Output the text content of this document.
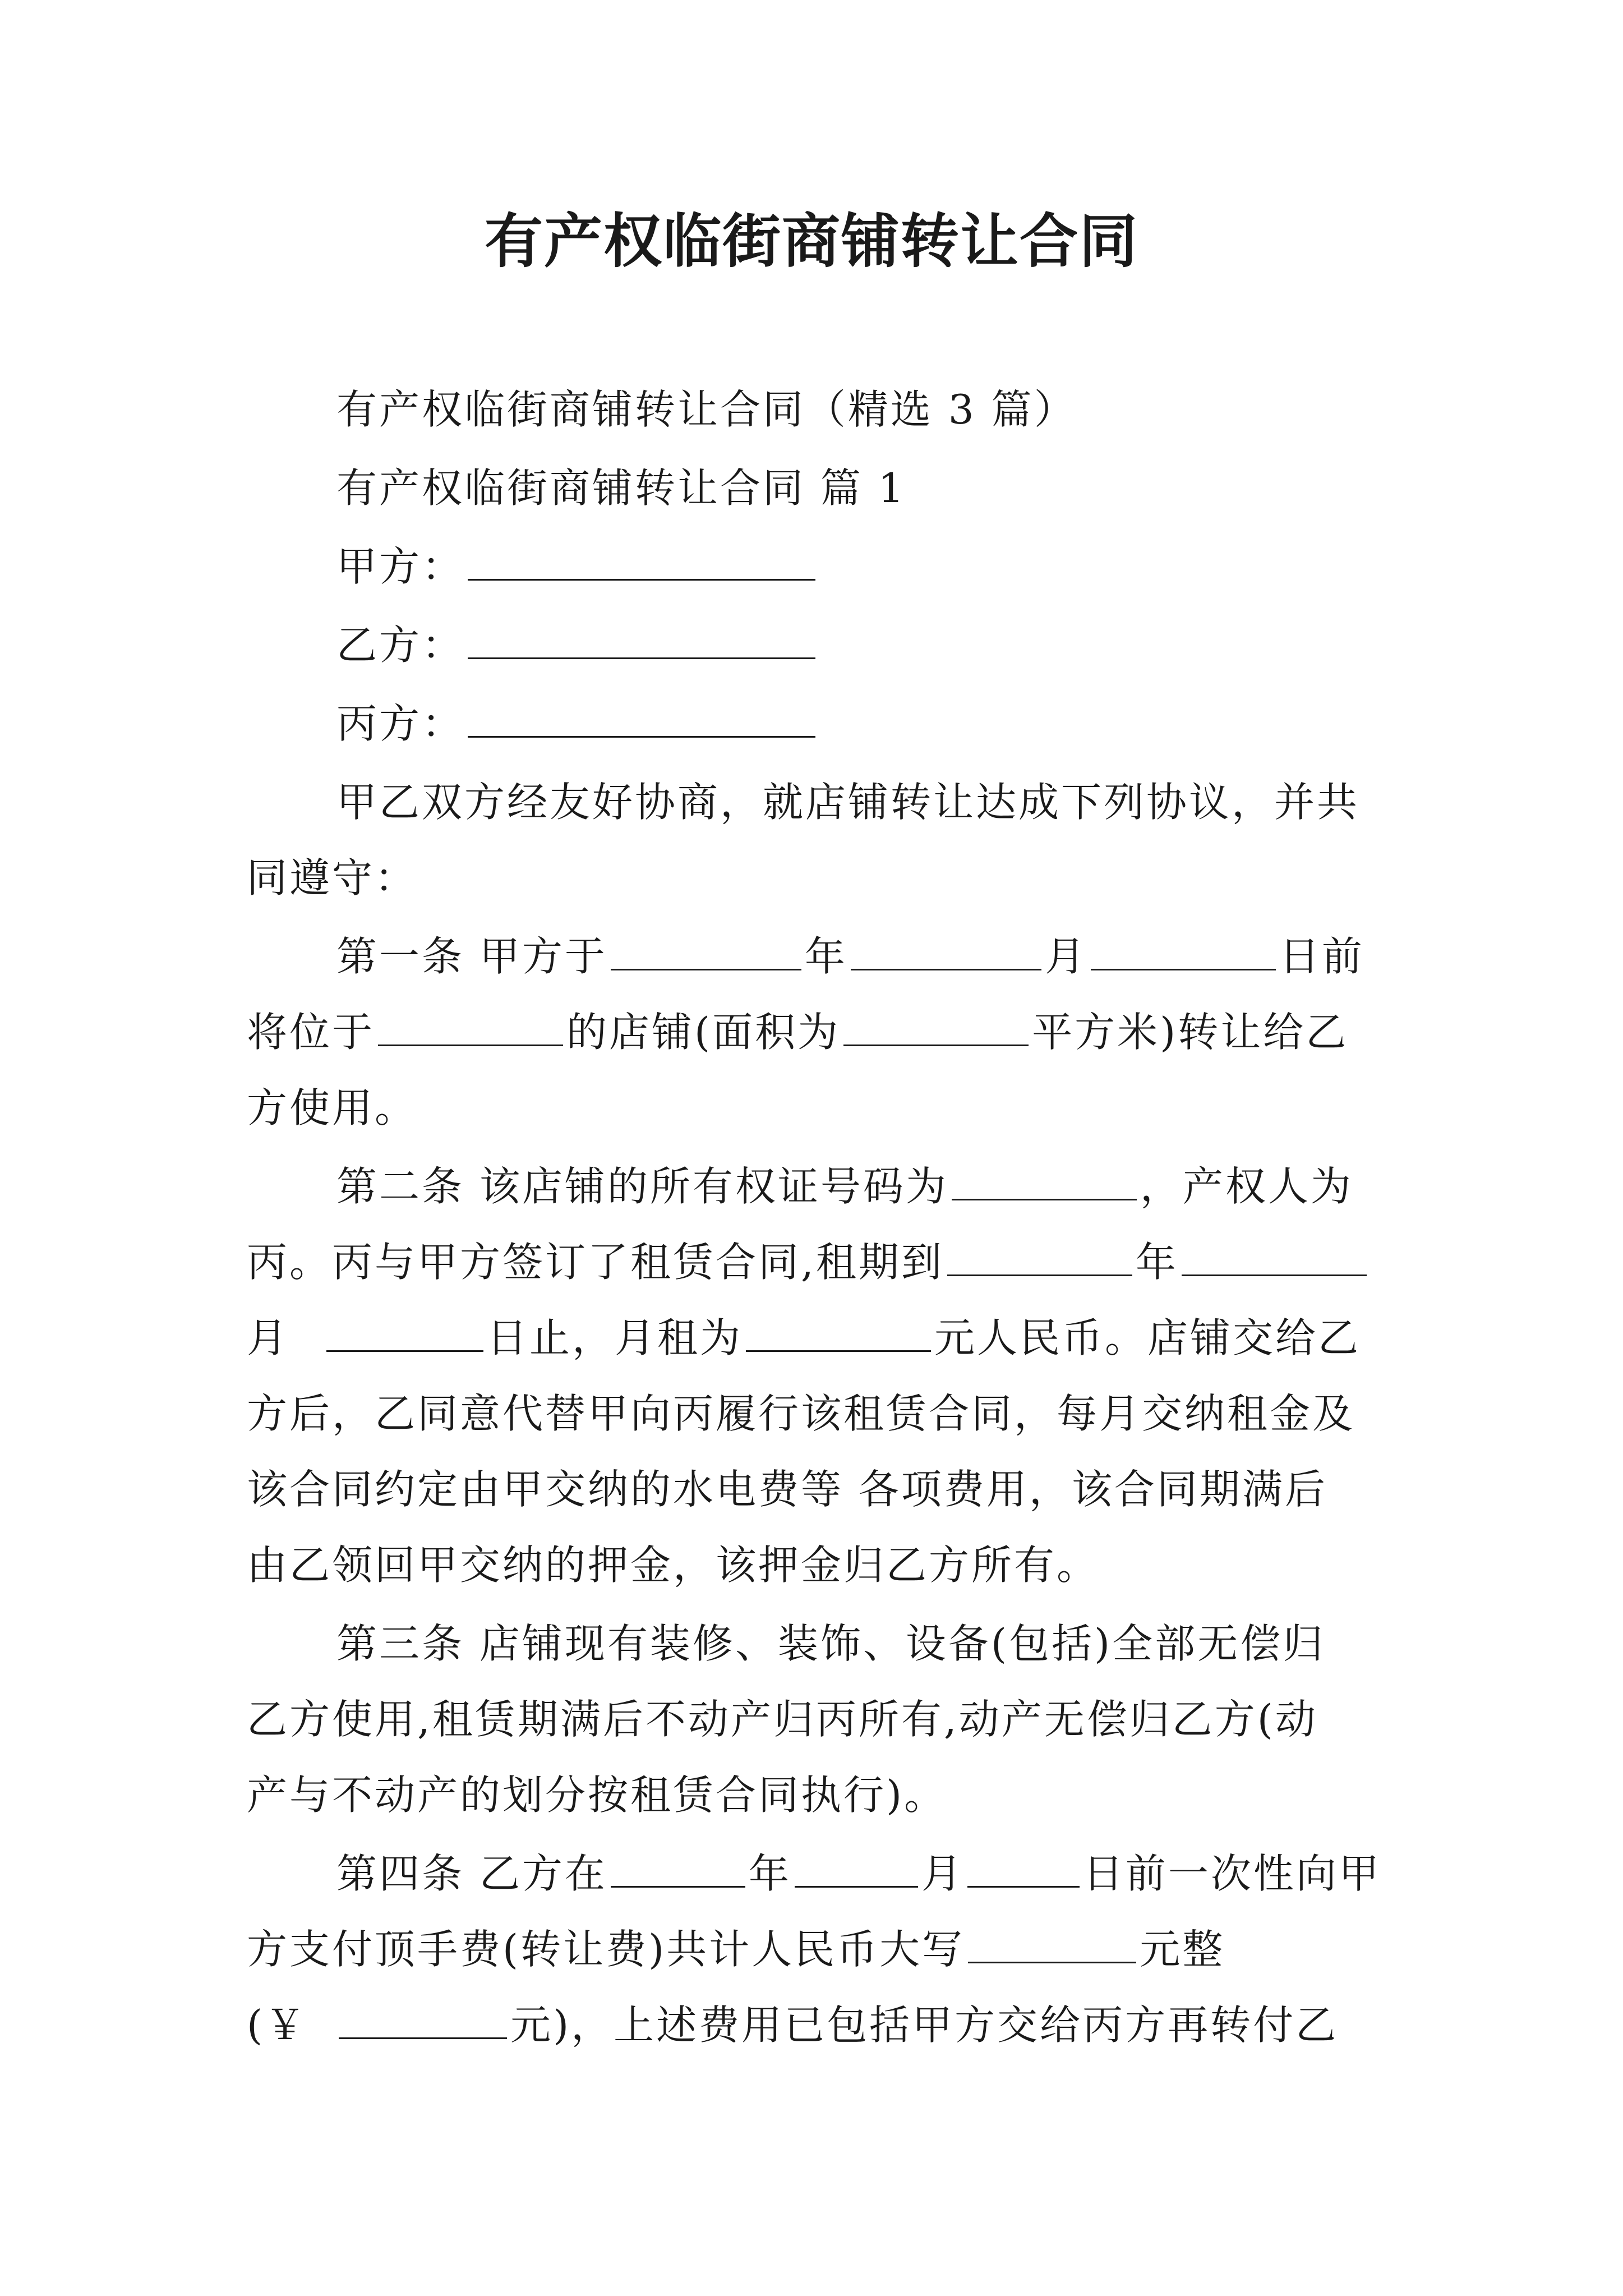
有产权临街商铺转让合同
有产权临街商铺转让合同（精选 3 篇）
有产权临街商铺转让合同 篇 1
甲方：
乙方：
丙方：
甲乙双方经友好协商，就店铺转让达成下列协议，并共
同遵守：
第一条 甲方于	年	月	日前
将位于	的店铺(面积为	平方米)转让给乙
方使用。
第二条 该店铺的所有权证号码为	，产权人为
丙。丙与甲方签订了租赁合同,租期到	年
月	日止，月租为	元人民币。店铺交给乙
方后，乙同意代替甲向丙履行该租赁合同，每月交纳租金及
该合同约定由甲交纳的水电费等 各项费用，该合同期满后
由乙领回甲交纳的押金，该押金归乙方所有。
第三条 店铺现有装修、装饰、设备(包括)全部无偿归
乙方使用,租赁期满后不动产归丙所有,动产无偿归乙方(动
产与不动产的划分按租赁合同执行)。
第四条 乙方在	年	月	日前一次性向甲
方支付顶手费(转让费)共计人民币大写	元整
(￥	元)，上述费用已包括甲方交给丙方再转付乙
